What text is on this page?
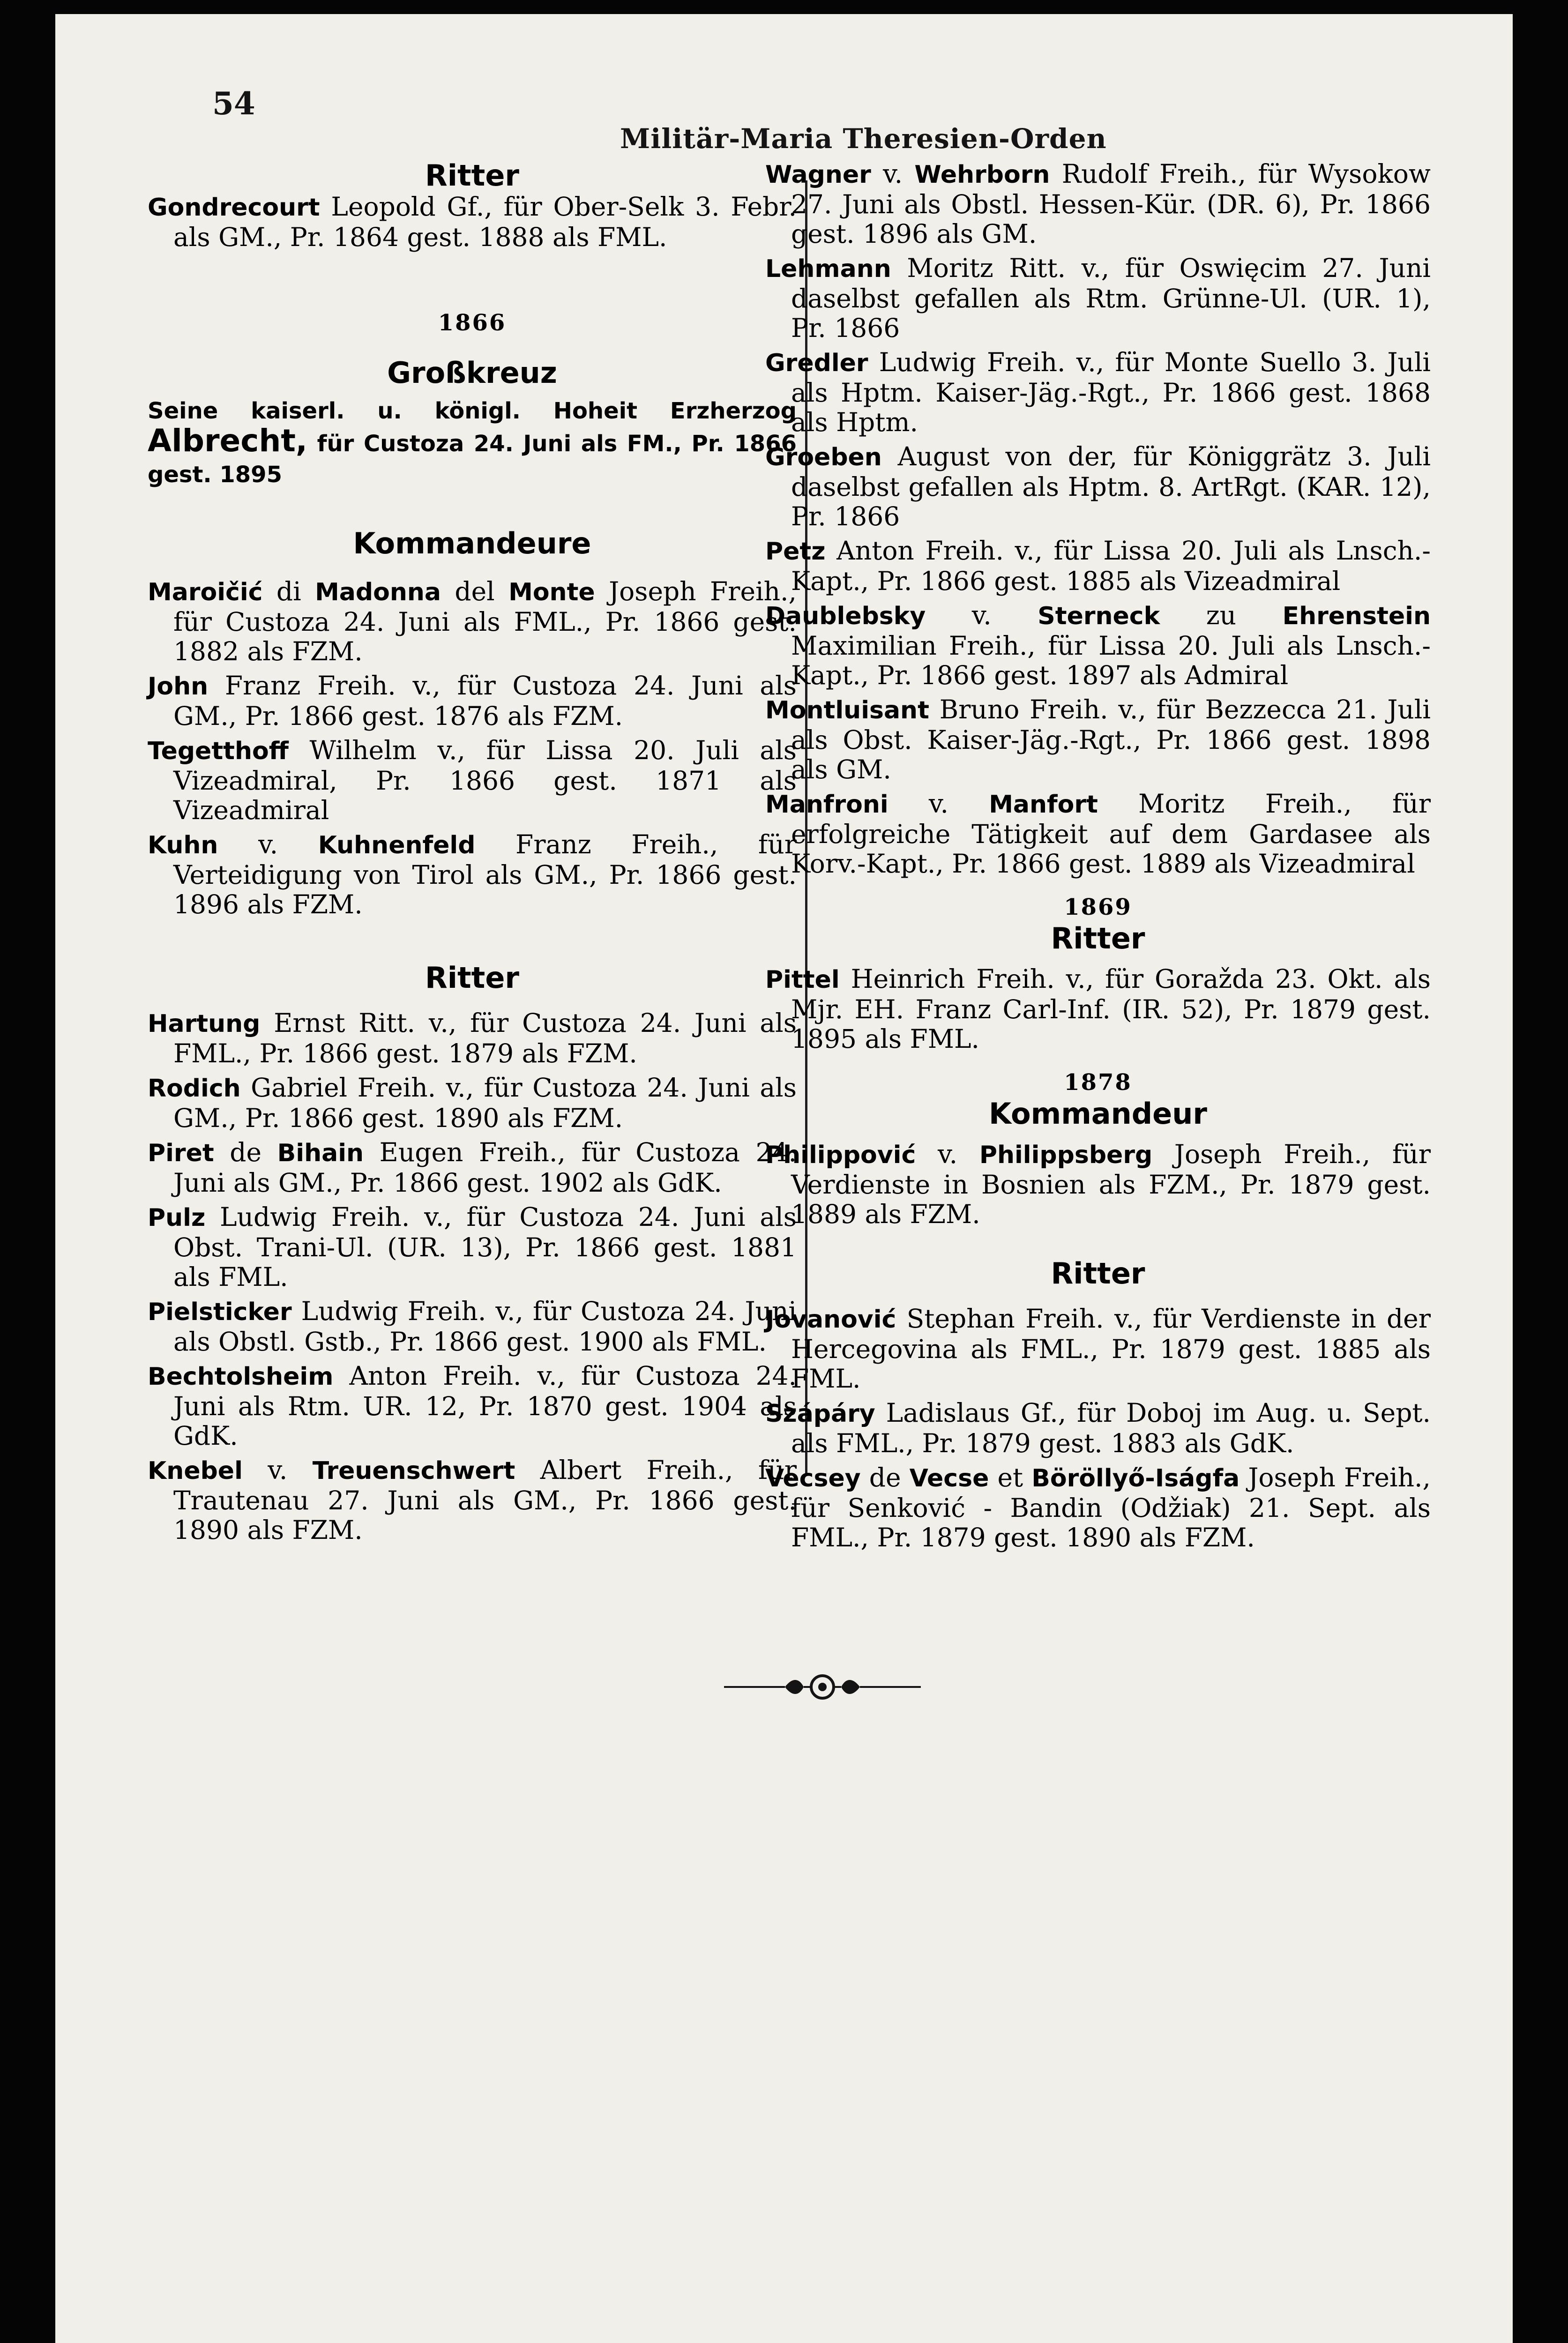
54
Militär-Maria Theresien-Orden
Ritter
Gondrecourt Leopold Gf., für Ober-Selk 3. Febr. als GM., Pr. 1864 gest. 1888 als FML.
1866
Großkreuz
Seine kaiserl. u. königl. Hoheit Erzherzog Albrecht, für Custoza 24. Juni als FM., Pr. 1866 gest. 1895
Kommandeure
Maroičić di Madonna del Monte Joseph Freih., für Custoza 24. Juni als FML., Pr. 1866 gest. 1882 als FZM.
John Franz Freih. v., für Custoza 24. Juni als GM., Pr. 1866 gest. 1876 als FZM.
Tegetthoff Wilhelm v., für Lissa 20. Juli als Vizeadmiral, Pr. 1866 gest. 1871 als Vizeadmiral
Kuhn v. Kuhnenfeld Franz Freih., für Verteidigung von Tirol als GM., Pr. 1866 gest. 1896 als FZM.
Ritter
Hartung Ernst Ritt. v., für Custoza 24. Juni als FML., Pr. 1866 gest. 1879 als FZM.
Rodich Gabriel Freih. v., für Custoza 24. Juni als GM., Pr. 1866 gest. 1890 als FZM.
Piret de Bihain Eugen Freih., für Custoza 24. Juni als GM., Pr. 1866 gest. 1902 als GdK.
Pulz Ludwig Freih. v., für Custoza 24. Juni als Obst. Trani-Ul. (UR. 13), Pr. 1866 gest. 1881 als FML.
Pielsticker Ludwig Freih. v., für Custoza 24. Juni als Obstl. Gstb., Pr. 1866 gest. 1900 als FML.
Bechtolsheim Anton Freih. v., für Custoza 24. Juni als Rtm. UR. 12, Pr. 1870 gest. 1904 als GdK.
Knebel v. Treuenschwert Albert Freih., für Trautenau 27. Juni als GM., Pr. 1866 gest. 1890 als FZM.
Wagner v. Wehrborn Rudolf Freih., für Wysokow 27. Juni als Obstl. Hessen-Kür. (DR. 6), Pr. 1866 gest. 1896 als GM.
Lehmann Moritz Ritt. v., für Oswięcim 27. Juni daselbst gefallen als Rtm. Grünne-Ul. (UR. 1), Pr. 1866
Gredler Ludwig Freih. v., für Monte Suello 3. Juli als Hptm. Kaiser-Jäg.-Rgt., Pr. 1866 gest. 1868 als Hptm.
Groeben August von der, für Königgrätz 3. Juli daselbst gefallen als Hptm. 8. ArtRgt. (KAR. 12), Pr. 1866
Petz Anton Freih. v., für Lissa 20. Juli als Lnsch.-Kapt., Pr. 1866 gest. 1885 als Vizeadmiral
Daublebsky v. Sterneck zu Ehrenstein Maximilian Freih., für Lissa 20. Juli als Lnsch.-Kapt., Pr. 1866 gest. 1897 als Admiral
Montluisant Bruno Freih. v., für Bezzecca 21. Juli als Obst. Kaiser-Jäg.-Rgt., Pr. 1866 gest. 1898 als GM.
Manfroni v. Manfort Moritz Freih., für erfolgreiche Tätigkeit auf dem Gardasee als Korv.-Kapt., Pr. 1866 gest. 1889 als Vizeadmiral
1869
Ritter
Pittel Heinrich Freih. v., für Goražda 23. Okt. als Mjr. EH. Franz Carl-Inf. (IR. 52), Pr. 1879 gest. 1895 als FML.
1878
Kommandeur
Philippović v. Philippsberg Joseph Freih., für Verdienste in Bosnien als FZM., Pr. 1879 gest. 1889 als FZM.
Ritter
Jovanović Stephan Freih. v., für Verdienste in der Hercegovina als FML., Pr. 1879 gest. 1885 als FML.
Szápáry Ladislaus Gf., für Doboj im Aug. u. Sept. als FML., Pr. 1879 gest. 1883 als GdK.
Vecsey de Vecse et Böröllyő-Iságfa Joseph Freih., für Senković - Bandin (Odžiak) 21. Sept. als FML., Pr. 1879 gest. 1890 als FZM.
